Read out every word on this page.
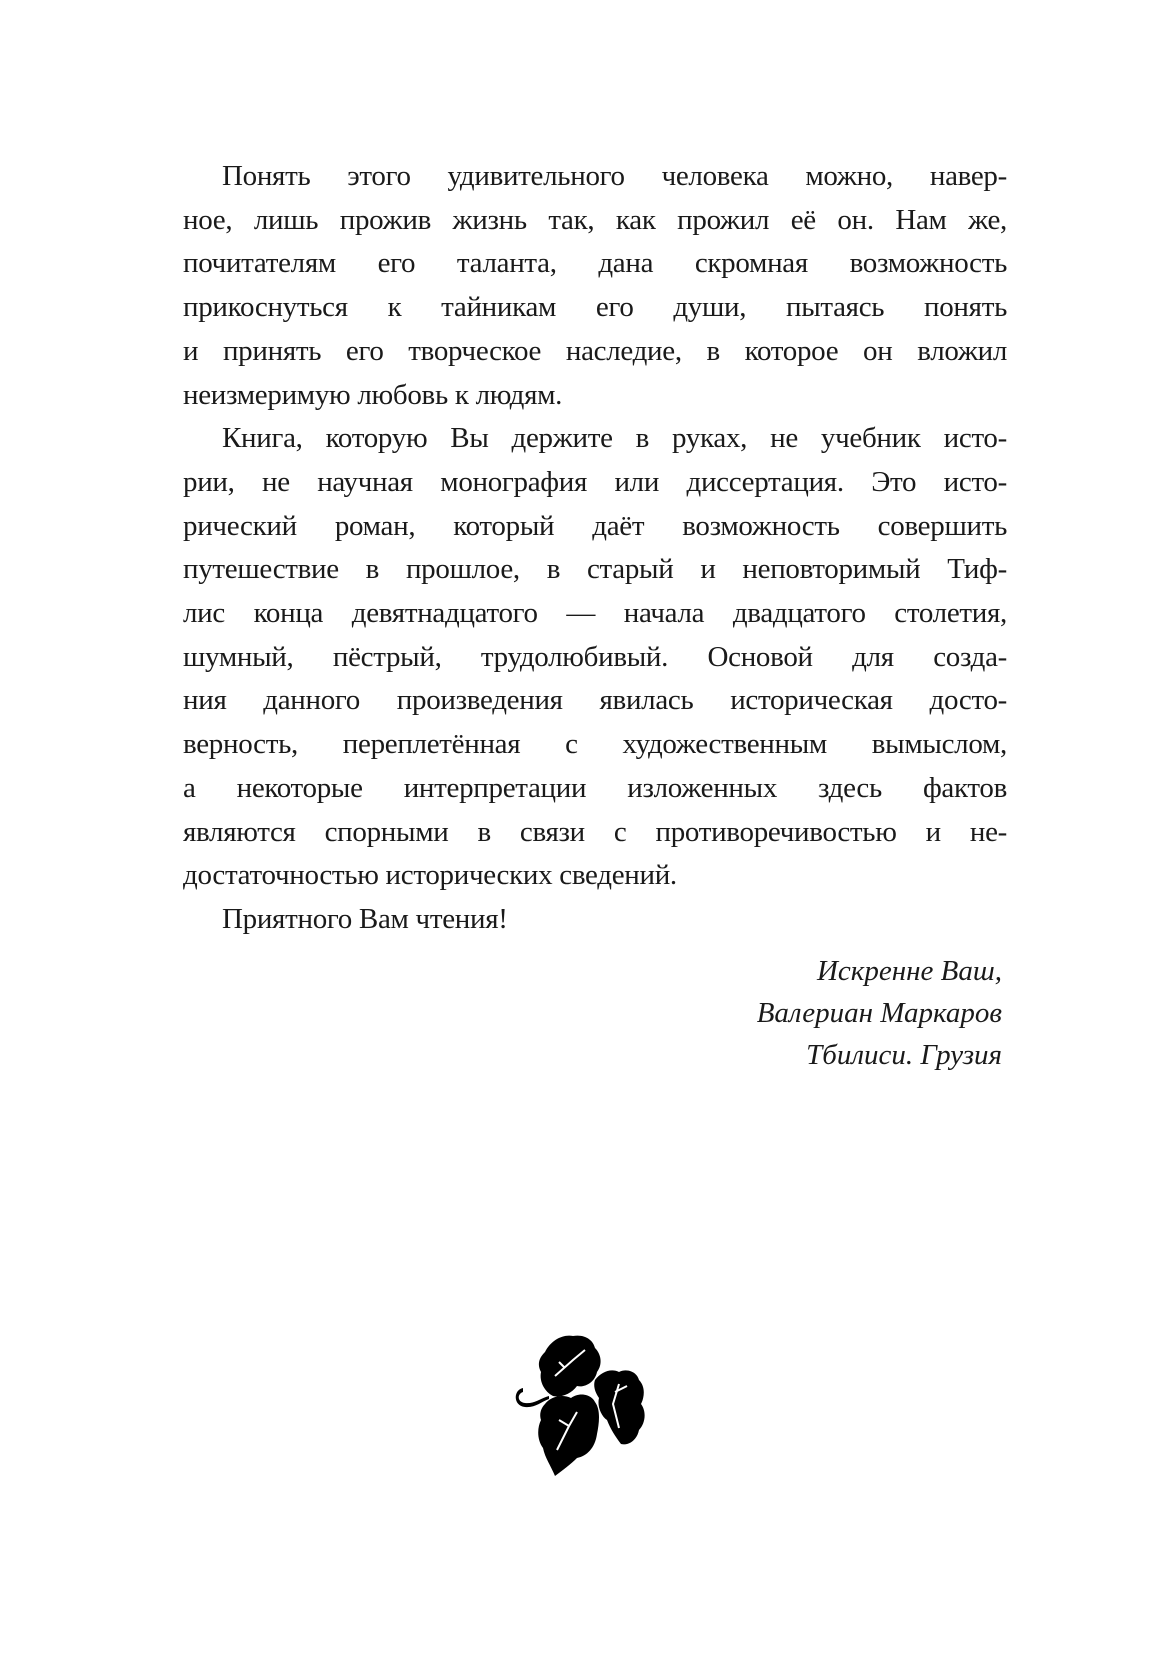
Понять этого удивительного человека можно, навер-
ное, лишь прожив жизнь так, как прожил её он. Нам же,
почитателям его таланта, дана скромная возможность
прикоснуться к тайникам его души, пытаясь понять
и принять его творческое наследие, в которое он вложил
неизмеримую любовь к людям.

Книга, которую Вы держите в руках, не учебник исто-
рии, не научная монография или диссертация. Это исто-
рический роман, который даёт возможность совершить
путешествие в прошлое, в старый и неповторимый Тиф-
лис конца девятнадцатого — начала двадцатого столетия,
шумный, пёстрый, трудолюбивый. Основой для созда-
ния данного произведения явилась историческая досто-
верность, переплетённая с художественным вымыслом,
а некоторые интерпретации изложенных здесь фактов
являются спорными в связи с противоречивостью и не-
достаточностью исторических сведений.

Приятного Вам чтения!

Искренне Ваш,
Валериан Маркаров
Тбилиси. Грузия
